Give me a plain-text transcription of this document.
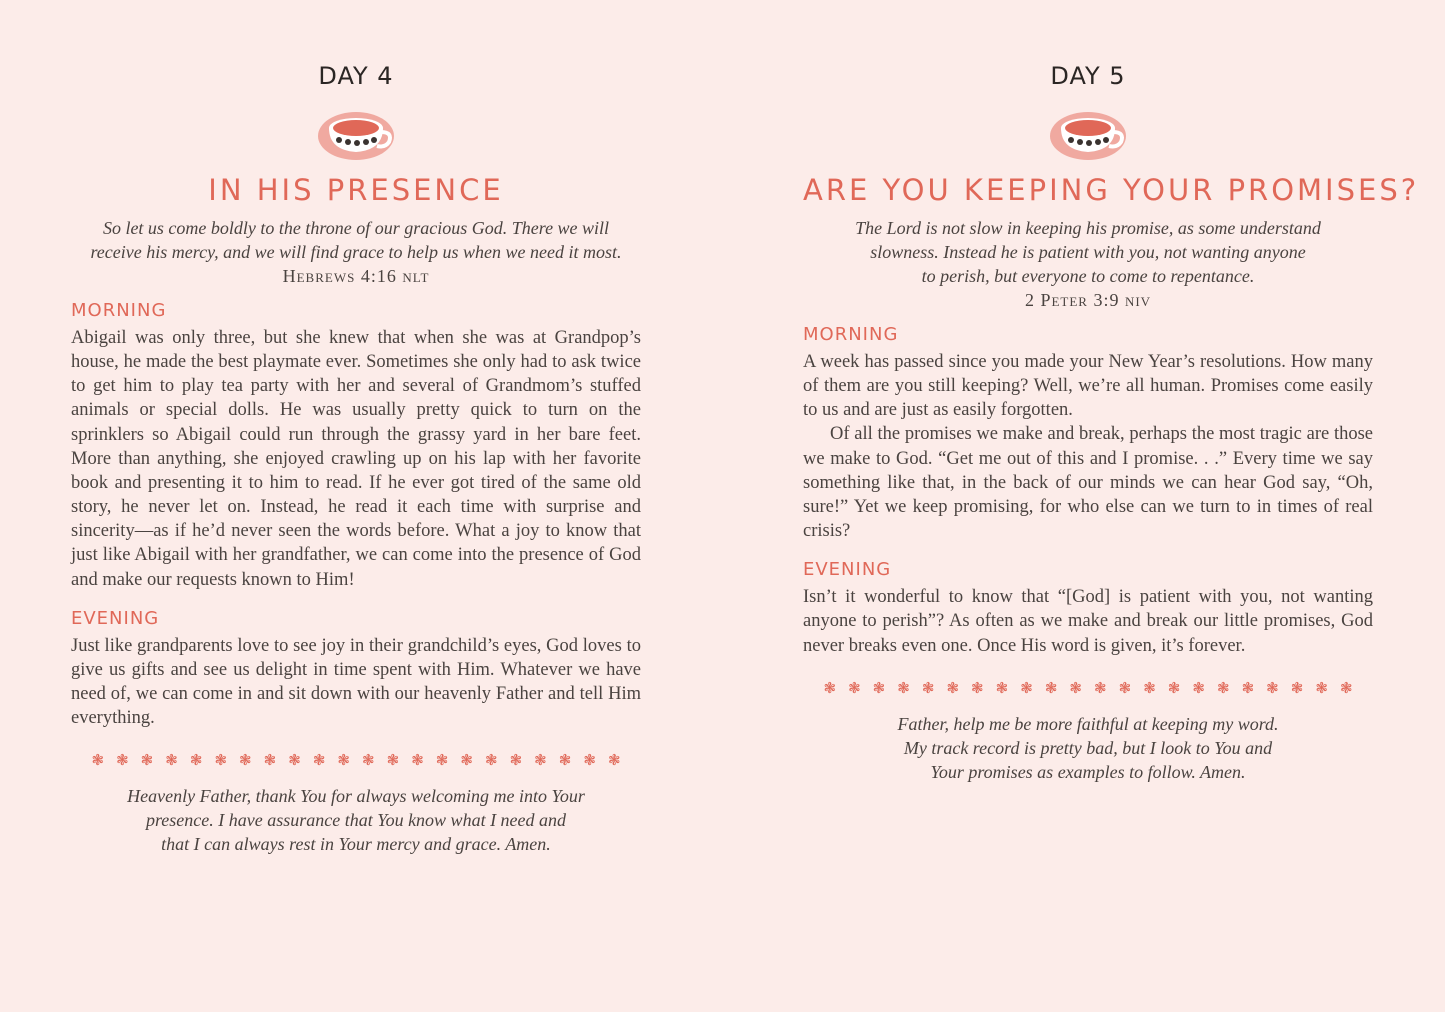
DAY 4
IN HIS PRESENCE
So let us come boldly to the throne of our gracious God. There we will
receive his mercy, and we will find grace to help us when we need it most.
Hebrews 4:16 nlt
MORNING

Abigail was only three, but she knew that when she was at Grandpop’s house, he made the best playmate ever. Sometimes she only had to ask twice to get him to play tea party with her and several of Grandmom’s stuffed animals or special dolls. He was usually pretty quick to turn on the sprinklers so Abigail could run through the grassy yard in her bare feet. More than anything, she enjoyed crawling up on his lap with her favorite book and presenting it to him to read. If he ever got tired of the same old story, he never let on. Instead, he read it each time with surprise and sincerity—as if he’d never seen the words before. What a joy to know that just like Abigail with her grandfather, we can come into the presence of God and make our requests known to Him!

EVENING

Just like grandparents love to see joy in their grandchild’s eyes, God loves to give us gifts and see us delight in time spent with Him. Whatever we have need of, we can come in and sit down with our heavenly Father and tell Him everything.

❃ ❃ ❃ ❃ ❃ ❃ ❃ ❃ ❃ ❃ ❃ ❃ ❃ ❃ ❃ ❃ ❃ ❃ ❃ ❃ ❃ ❃
Heavenly Father, thank You for always welcoming me into Your
presence. I have assurance that You know what I need and
that I can always rest in Your mercy and grace. Amen.
DAY 5
ARE YOU KEEPING YOUR PROMISES?
The Lord is not slow in keeping his promise, as some understand
slowness. Instead he is patient with you, not wanting anyone
to perish, but everyone to come to repentance.
2 Peter 3:9 niv
MORNING

A week has passed since you made your New Year’s resolutions. How many of them are you still keeping? Well, we’re all human. Promises come easily to us and are just as easily forgotten.

Of all the promises we make and break, perhaps the most tragic are those we make to God. “Get me out of this and I promise. . .” Every time we say something like that, in the back of our minds we can hear God say, “Oh, sure!” Yet we keep promising, for who else can we turn to in times of real crisis?

EVENING

Isn’t it wonderful to know that “[God] is patient with you, not wanting anyone to perish”? As often as we make and break our little promises, God never breaks even one. Once His word is given, it’s forever.

❃ ❃ ❃ ❃ ❃ ❃ ❃ ❃ ❃ ❃ ❃ ❃ ❃ ❃ ❃ ❃ ❃ ❃ ❃ ❃ ❃ ❃
Father, help me be more faithful at keeping my word.
My track record is pretty bad, but I look to You and
Your promises as examples to follow. Amen.
